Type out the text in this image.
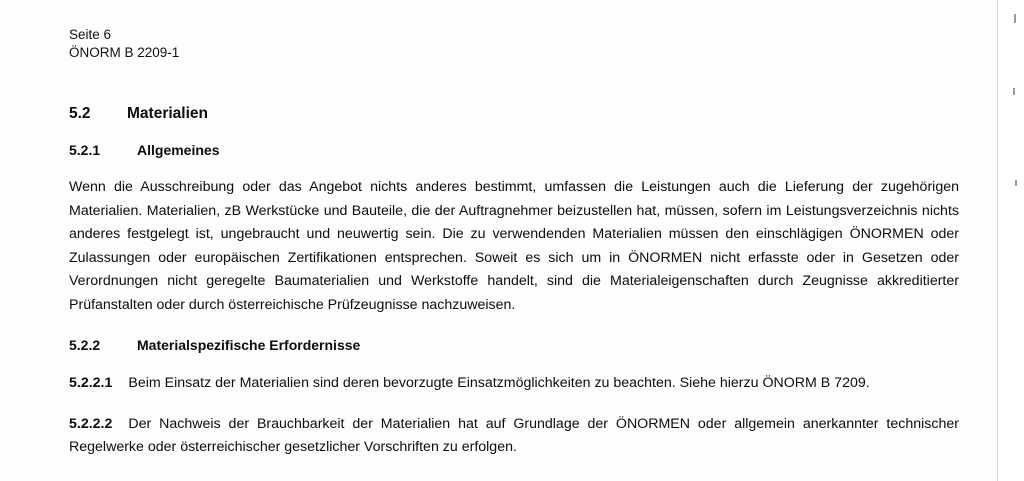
Seite 6
ÖNORM B 2209-1
5.2	Materialien
5.2.1	Allgemeines

Wenn die Ausschreibung oder das Angebot nichts anderes bestimmt, umfassen die Leistungen auch die Lieferung der zugehörigen Materialien. Materialien, zB Werkstücke und Bauteile, die der Auftragnehmer beizustellen hat, müssen, sofern im Leistungsverzeichnis nichts anderes festgelegt ist, ungebraucht und neuwertig sein. Die zu verwendenden Materialien müssen den einschlägigen ÖNORMEN oder Zulassungen oder europäischen Zertifikationen entsprechen. Soweit es sich um in ÖNORMEN nicht erfasste oder in Gesetzen oder Verordnungen nicht geregelte Baumaterialien und Werkstoffe handelt, sind die Materialeigenschaften durch Zeugnisse akkreditierter Prüfanstalten oder durch österreichische Prüfzeugnisse nachzuweisen.

5.2.2	Materialspezifische Erfordernisse

5.2.2.1 Beim Einsatz der Materialien sind deren bevorzugte Einsatzmöglichkeiten zu beachten. Siehe hierzu ÖNORM B 7209.

5.2.2.2 Der Nachweis der Brauchbarkeit der Materialien hat auf Grundlage der ÖNORMEN oder allgemein anerkannter technischer Regelwerke oder österreichischer gesetzlicher Vorschriften zu erfolgen.
